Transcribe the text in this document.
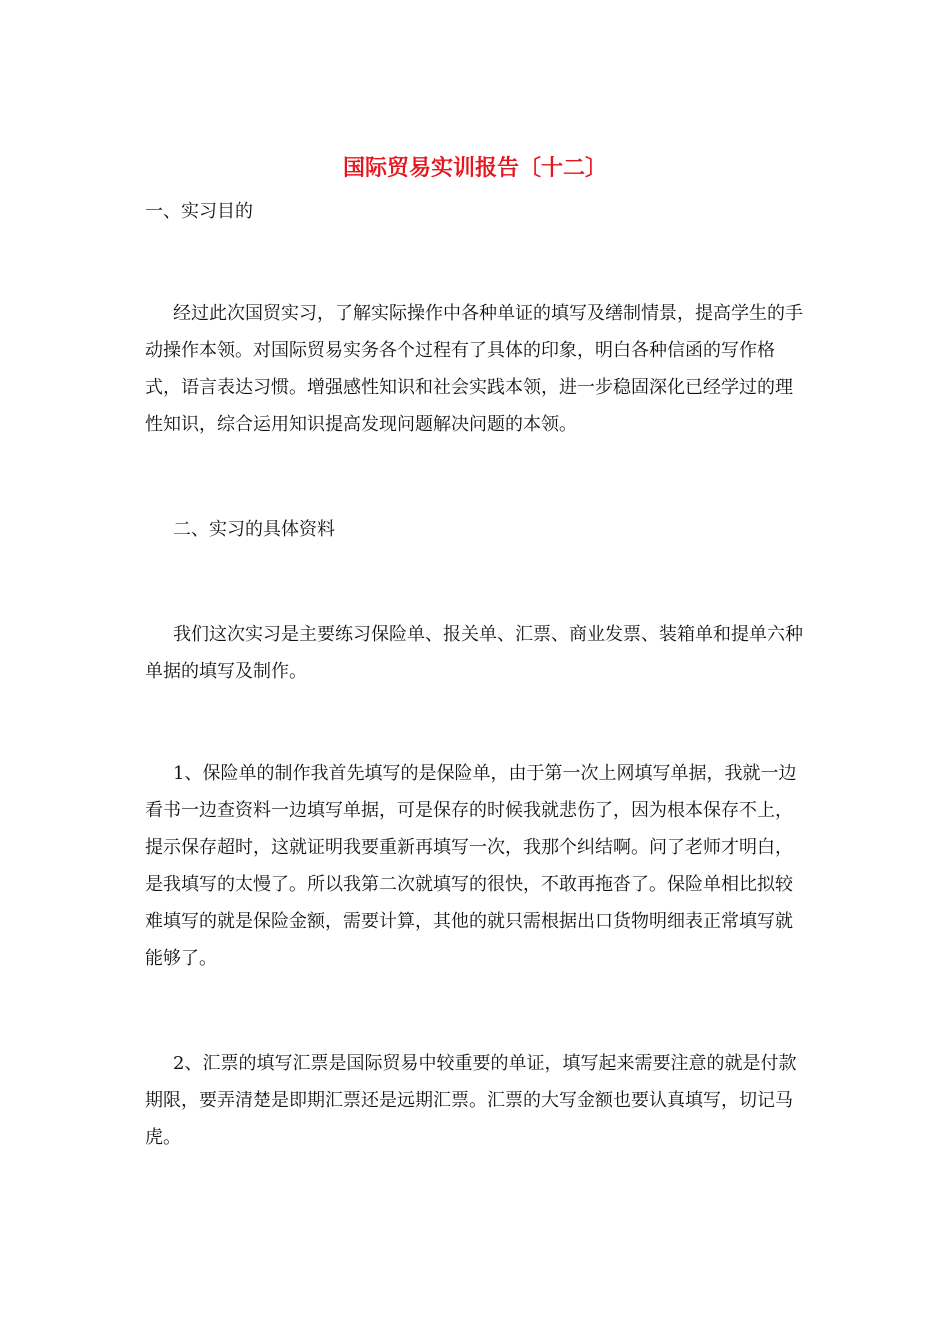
国际贸易实训报告〔十二〕

一、实习目的

经过此次国贸实习，了解实际操作中各种单证的填写及缮制情景，提高学生的手动操作本领。对国际贸易实务各个过程有了具体的印象，明白各种信函的写作格式，语言表达习惯。增强感性知识和社会实践本领，进一步稳固深化已经学过的理性知识，综合运用知识提高发现问题解决问题的本领。

二、实习的具体资料

我们这次实习是主要练习保险单、报关单、汇票、商业发票、装箱单和提单六种单据的填写及制作。

1、保险单的制作我首先填写的是保险单，由于第一次上网填写单据，我就一边看书一边查资料一边填写单据，可是保存的时候我就悲伤了，因为根本保存不上，提示保存超时，这就证明我要重新再填写一次，我那个纠结啊。问了老师才明白，是我填写的太慢了。所以我第二次就填写的很快，不敢再拖沓了。保险单相比拟较难填写的就是保险金额，需要计算，其他的就只需根据出口货物明细表正常填写就能够了。

2、汇票的填写汇票是国际贸易中较重要的单证，填写起来需要注意的就是付款期限，要弄清楚是即期汇票还是远期汇票。汇票的大写金额也要认真填写，切记马虎。
